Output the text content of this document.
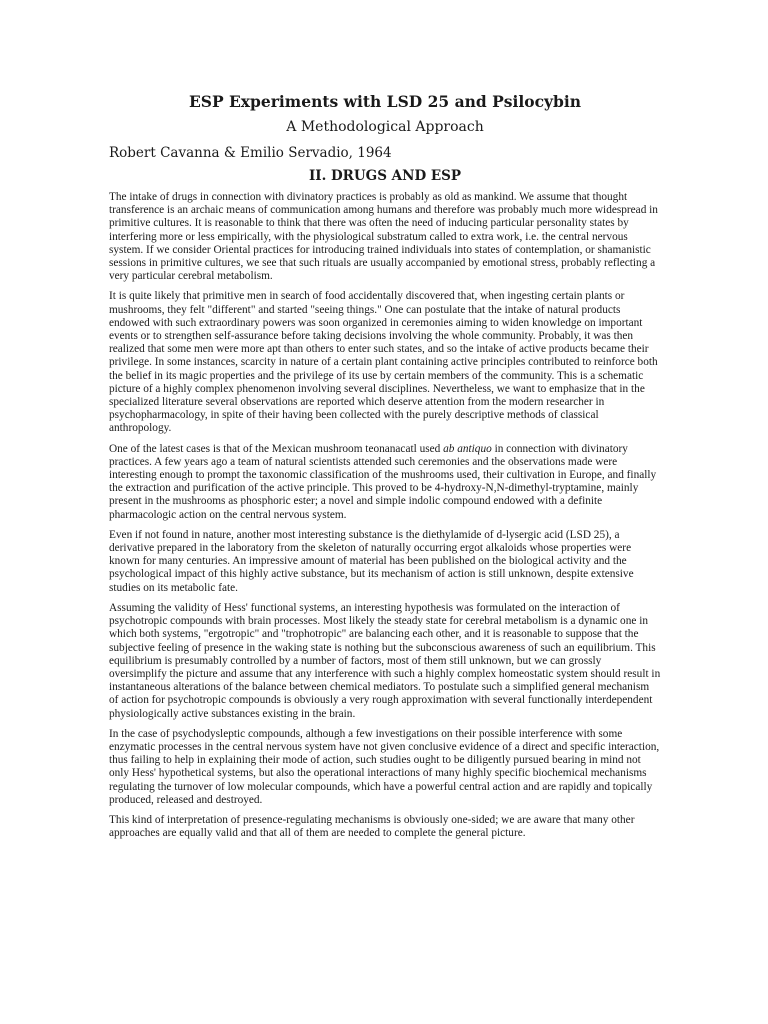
ESP Experiments with LSD 25 and Psilocybin
A Methodological Approach
Robert Cavanna & Emilio Servadio, 1964
II. DRUGS AND ESP

The intake of drugs in connection with divinatory practices is probably as old as mankind. We assume that thought transference is an archaic means of communication among humans and therefore was probably much more widespread in primitive cultures. It is reasonable to think that there was often the need of inducing particular personality states by interfering more or less empirically, with the physiological substratum called to extra work, i.e. the central nervous system. If we consider Oriental practices for introducing trained individuals into states of contemplation, or shamanistic sessions in primitive cultures, we see that such rituals are usually accompanied by emotional stress, probably reflecting a very particular cerebral metabolism.

It is quite likely that primitive men in search of food accidentally discovered that, when ingesting certain plants or mushrooms, they felt "different" and started "seeing things." One can postulate that the intake of natural products endowed with such extraordinary powers was soon organized in ceremonies aiming to widen knowledge on important events or to strengthen self-assurance before taking decisions involving the whole community. Probably, it was then realized that some men were more apt than others to enter such states, and so the intake of active products became their privilege. In some instances, scarcity in nature of a certain plant containing active principles contributed to reinforce both the belief in its magic properties and the privilege of its use by certain members of the community. This is a schematic picture of a highly complex phenomenon involving several disciplines. Nevertheless, we want to emphasize that in the specialized literature several observations are reported which deserve attention from the modern researcher in psychopharmacology, in spite of their having been collected with the purely descriptive methods of classical anthropology.

One of the latest cases is that of the Mexican mushroom teonanacatl used ab antiquo in connection with divinatory practices. A few years ago a team of natural scientists attended such ceremonies and the observations made were interesting enough to prompt the taxonomic classification of the mushrooms used, their cultivation in Europe, and finally the extraction and purification of the active principle. This proved to be 4-hydroxy-N,N-dimethyl-tryptamine, mainly present in the mushrooms as phosphoric ester; a novel and simple indolic compound endowed with a definite pharmacologic action on the central nervous system.

Even if not found in nature, another most interesting substance is the diethylamide of d-lysergic acid (LSD 25), a derivative prepared in the laboratory from the skeleton of naturally occurring ergot alkaloids whose properties were known for many centuries. An impressive amount of material has been published on the biological activity and the psychological impact of this highly active substance, but its mechanism of action is still unknown, despite extensive studies on its metabolic fate.

Assuming the validity of Hess' functional systems, an interesting hypothesis was formulated on the interaction of psychotropic compounds with brain processes. Most likely the steady state for cerebral metabolism is a dynamic one in which both systems, "ergotropic" and "trophotropic" are balancing each other, and it is reasonable to suppose that the subjective feeling of presence in the waking state is nothing but the subconscious awareness of such an equilibrium. This equilibrium is presumably controlled by a number of factors, most of them still unknown, but we can grossly oversimplify the picture and assume that any interference with such a highly complex homeostatic system should result in instantaneous alterations of the balance between chemical mediators. To postulate such a simplified general mechanism of action for psychotropic compounds is obviously a very rough approximation with several functionally interdependent physiologically active substances existing in the brain.

In the case of psychodysleptic compounds, although a few investigations on their possible interference with some enzymatic processes in the central nervous system have not given conclusive evidence of a direct and specific interaction, thus failing to help in explaining their mode of action, such studies ought to be diligently pursued bearing in mind not only Hess' hypothetical systems, but also the operational interactions of many highly specific biochemical mechanisms regulating the turnover of low molecular compounds, which have a powerful central action and are rapidly and topically produced, released and destroyed.

This kind of interpretation of presence-regulating mechanisms is obviously one-sided; we are aware that many other approaches are equally valid and that all of them are needed to complete the general picture.
